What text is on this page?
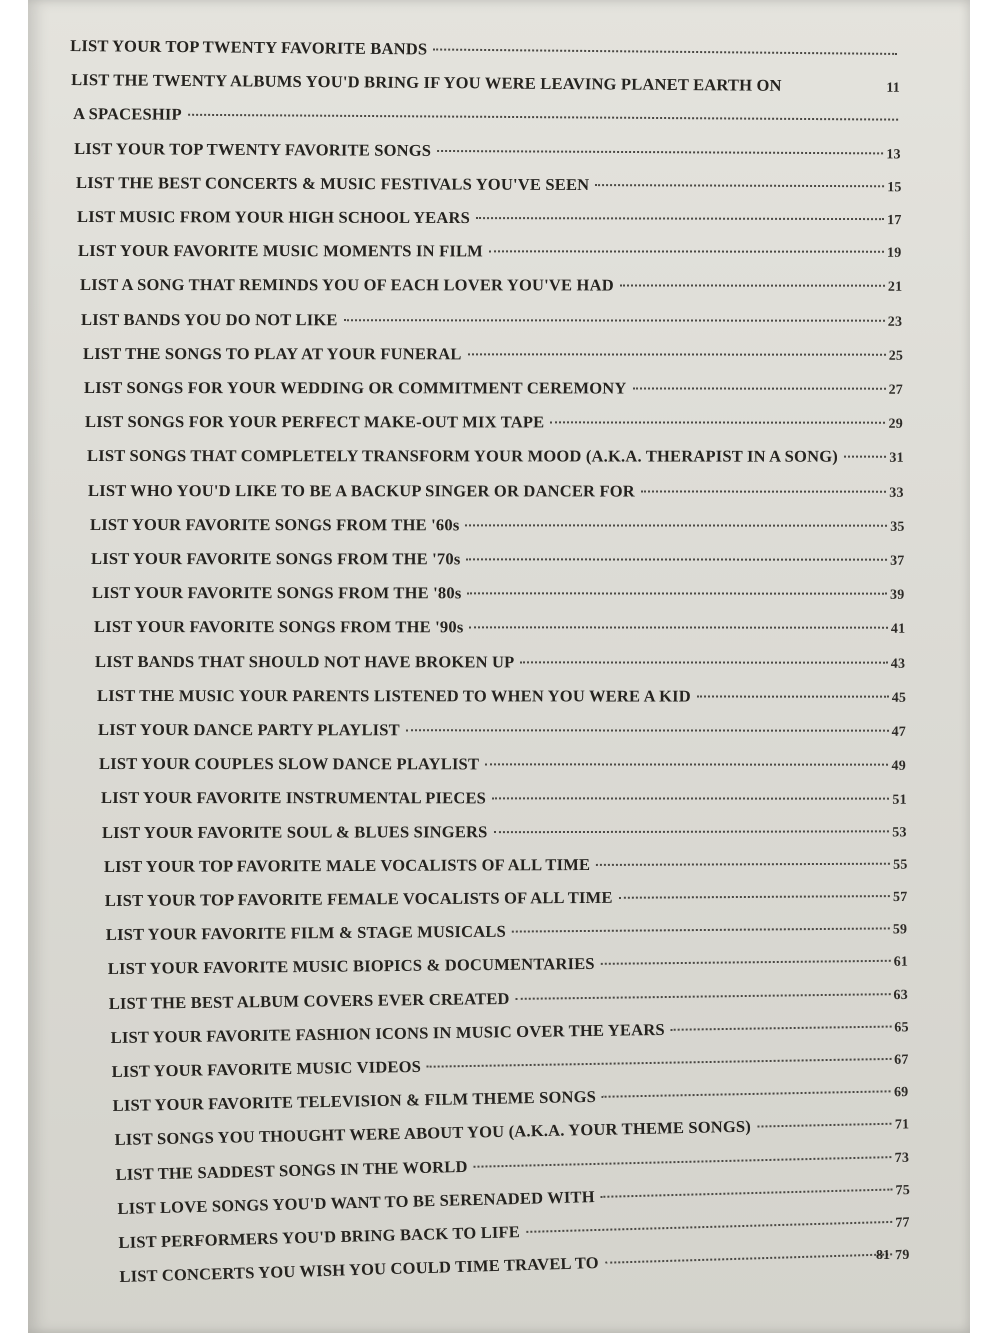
LIST YOUR TOP TWENTY FAVORITE BANDS
LIST THE TWENTY ALBUMS YOU'D BRING IF YOU WERE LEAVING PLANET EARTH ON	11
A SPACESHIP
LIST YOUR TOP TWENTY FAVORITE SONGS	13
LIST THE BEST CONCERTS & MUSIC FESTIVALS YOU'VE SEEN	15
LIST MUSIC FROM YOUR HIGH SCHOOL YEARS	17
LIST YOUR FAVORITE MUSIC MOMENTS IN FILM	19
LIST A SONG THAT REMINDS YOU OF EACH LOVER YOU'VE HAD	21
LIST BANDS YOU DO NOT LIKE	23
LIST THE SONGS TO PLAY AT YOUR FUNERAL	25
LIST SONGS FOR YOUR WEDDING OR COMMITMENT CEREMONY	27
LIST SONGS FOR YOUR PERFECT MAKE-OUT MIX TAPE	29
LIST SONGS THAT COMPLETELY TRANSFORM YOUR MOOD (A.K.A. THERAPIST IN A SONG)	31
LIST WHO YOU'D LIKE TO BE A BACKUP SINGER OR DANCER FOR	33
LIST YOUR FAVORITE SONGS FROM THE '60s	35
LIST YOUR FAVORITE SONGS FROM THE '70s	37
LIST YOUR FAVORITE SONGS FROM THE '80s	39
LIST YOUR FAVORITE SONGS FROM THE '90s	41
LIST BANDS THAT SHOULD NOT HAVE BROKEN UP	43
LIST THE MUSIC YOUR PARENTS LISTENED TO WHEN YOU WERE A KID	45
LIST YOUR DANCE PARTY PLAYLIST	47
LIST YOUR COUPLES SLOW DANCE PLAYLIST	49
LIST YOUR FAVORITE INSTRUMENTAL PIECES	51
LIST YOUR FAVORITE SOUL & BLUES SINGERS	53
LIST YOUR TOP FAVORITE MALE VOCALISTS OF ALL TIME	55
LIST YOUR TOP FAVORITE FEMALE VOCALISTS OF ALL TIME	57
LIST YOUR FAVORITE FILM & STAGE MUSICALS	59
LIST YOUR FAVORITE MUSIC BIOPICS & DOCUMENTARIES	61
LIST THE BEST ALBUM COVERS EVER CREATED	63
LIST YOUR FAVORITE FASHION ICONS IN MUSIC OVER THE YEARS	65
LIST YOUR FAVORITE MUSIC VIDEOS	67
LIST YOUR FAVORITE TELEVISION & FILM THEME SONGS	69
LIST SONGS YOU THOUGHT WERE ABOUT YOU (A.K.A. YOUR THEME SONGS)	71
LIST THE SADDEST SONGS IN THE WORLD	73
LIST LOVE SONGS YOU'D WANT TO BE SERENADED WITH	75
LIST PERFORMERS YOU'D BRING BACK TO LIFE	77
LIST CONCERTS YOU WISH YOU COULD TIME TRAVEL TO	79
81
